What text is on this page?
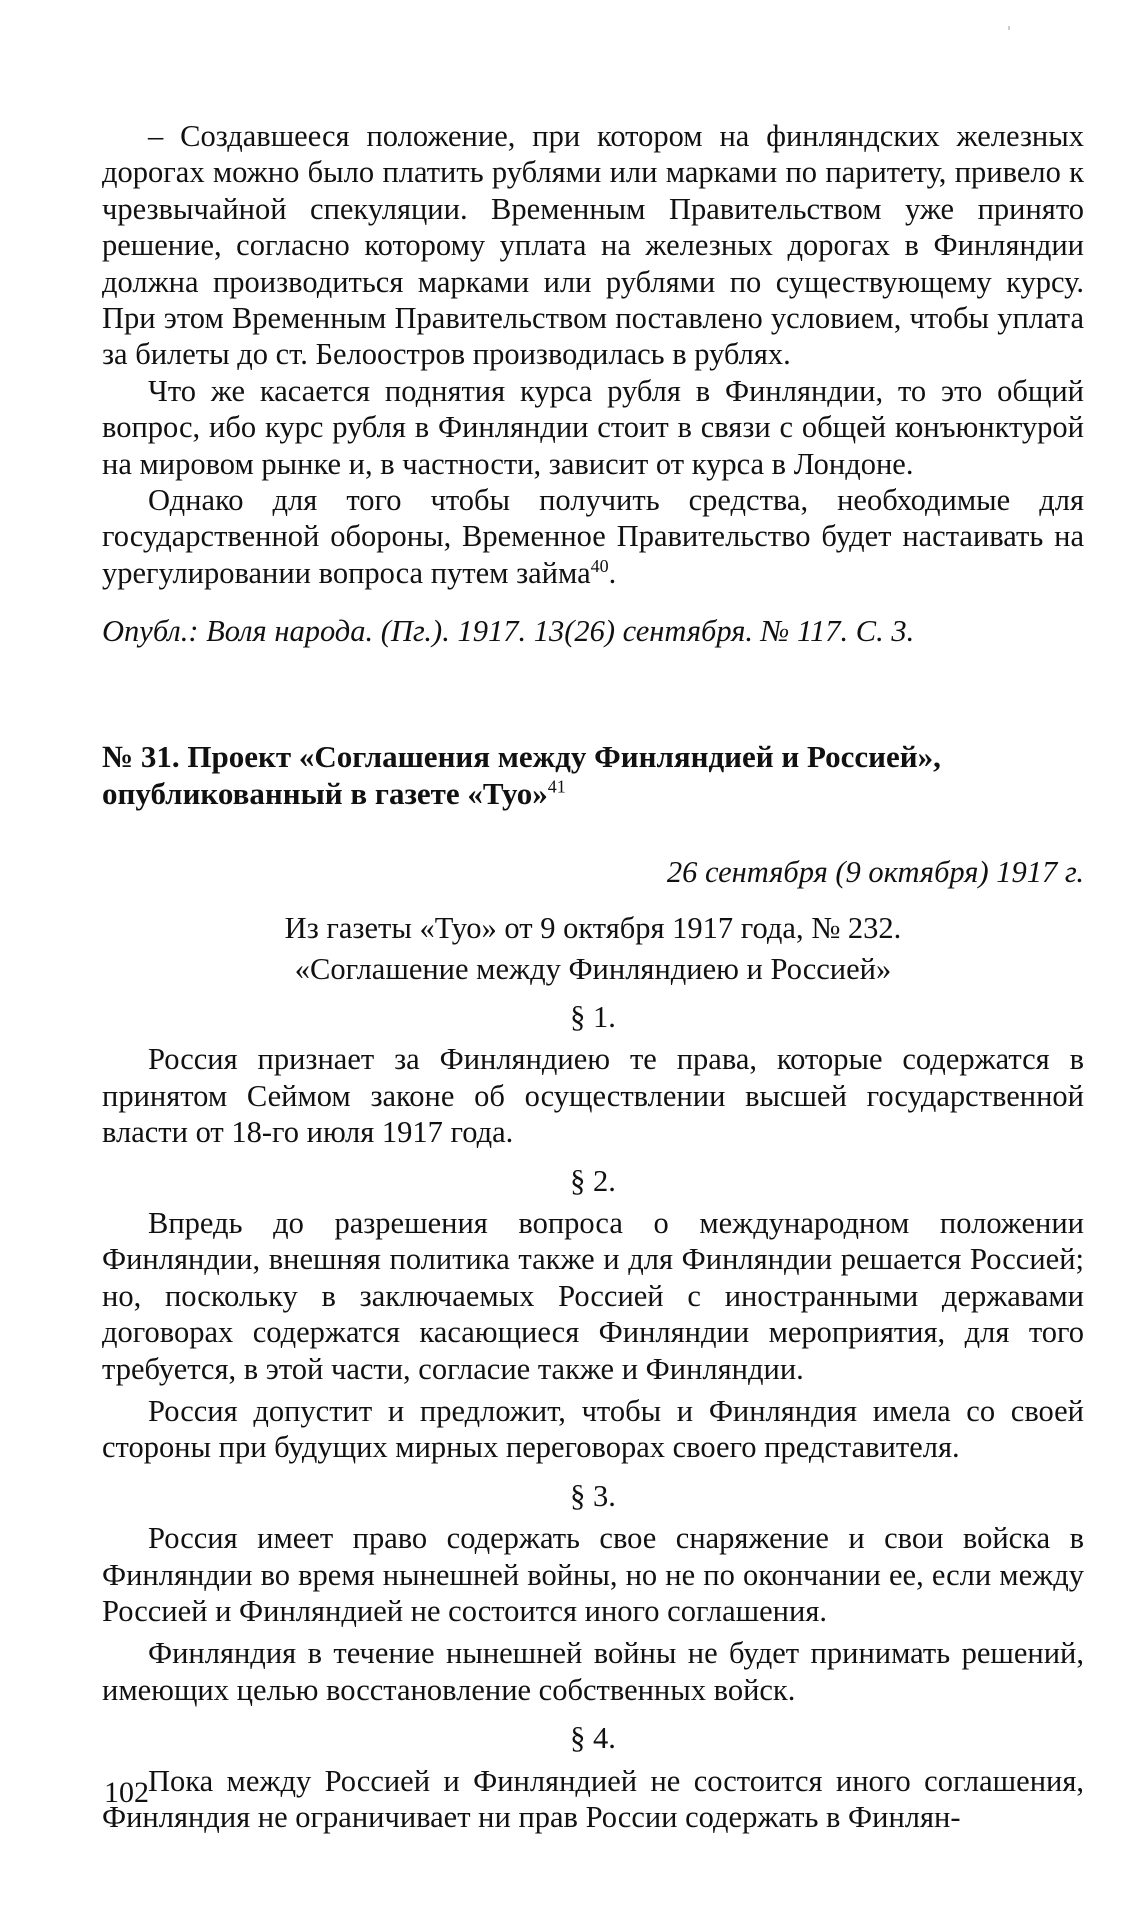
– Создавшееся положение, при котором на финляндских железных дорогах можно было платить рублями или марками по паритету, привело к чрезвычайной спекуляции. Временным Правительством уже принято решение, согласно которому уплата на железных дорогах в Финляндии должна производиться марками или рублями по существующему курсу. При этом Временным Правительством поставлено условием, чтобы уплата за билеты до ст. Белоостров производилась в рублях.

Что же касается поднятия курса рубля в Финляндии, то это общий вопрос, ибо курс рубля в Финляндии стоит в связи с общей конъюнктурой на мировом рынке и, в частности, зависит от курса в Лондоне.

Однако для того чтобы получить средства, необходимые для государственной обороны, Временное Правительство будет настаивать на урегулировании вопроса путем займа$^{40}$.

Опубл.: Воля народа. (Пг.). 1917. 13(26) сентября. № 117. С. 3.

№ 31. Проект «Соглашения между Финляндией и Россией», опубликованный в газете «Туо»$^{41}$

26 сентября (9 октября) 1917 г.

Из газеты «Туо» от 9 октября 1917 года, № 232.

«Соглашение между Финляндиею и Россией»

§ 1.

Россия признает за Финляндиею те права, которые содержатся в принятом Сеймом законе об осуществлении высшей государственной власти от 18-го июля 1917 года.

§ 2.

Впредь до разрешения вопроса о международном положении Финляндии, внешняя политика также и для Финляндии решается Россией; но, поскольку в заключаемых Россией с иностранными державами договорах содержатся касающиеся Финляндии мероприятия, для того требуется, в этой части, согласие также и Финляндии.

Россия допустит и предложит, чтобы и Финляндия имела со своей стороны при будущих мирных переговорах своего представителя.

§ 3.

Россия имеет право содержать свое снаряжение и свои войска в Финляндии во время нынешней войны, но не по окончании ее, если между Россией и Финляндией не состоится иного соглашения.

Финляндия в течение нынешней войны не будет принимать решений, имеющих целью восстановление собственных войск.

§ 4.

Пока между Россией и Финляндией не состоится иного соглашения, Финляндия не ограничивает ни прав России содержать в Финлян-

102
